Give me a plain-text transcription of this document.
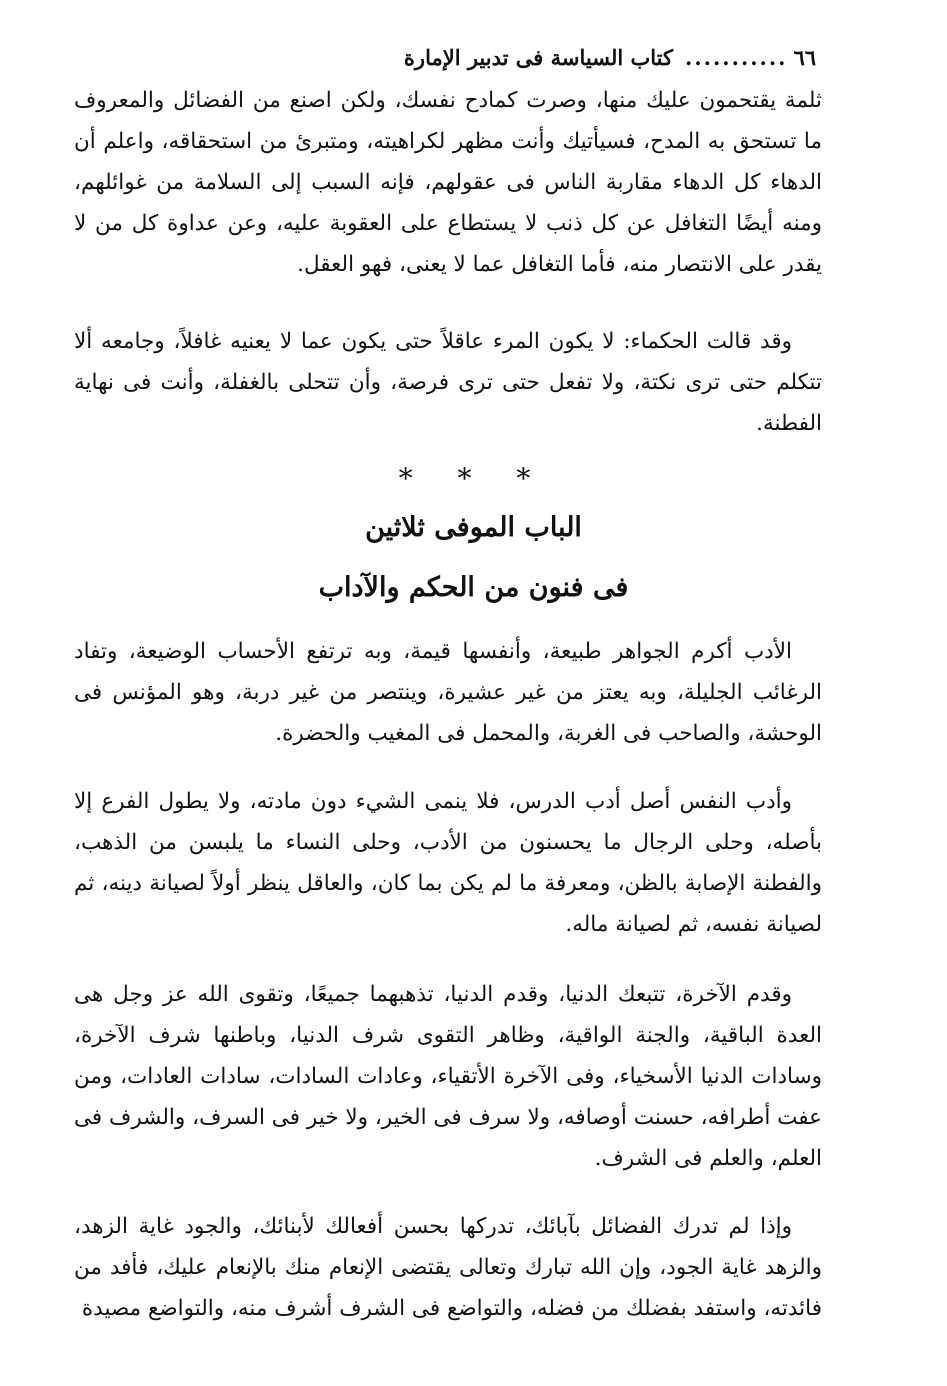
٦٦
...........
كتاب السياسة فى تدبير الإمارة

ثلمة يقتحمون عليك منها، وصرت كمادح نفسك، ولكن اصنع من الفضائل والمعروف ما تستحق به المدح، فسيأتيك وأنت مظهر لكراهيته، ومتبرئ من استحقاقه، واعلم أن الدهاء كل الدهاء مقاربة الناس فى عقولهم، فإنه السبب إلى السلامة من غوائلهم، ومنه أيضًا التغافل عن كل ذنب لا يستطاع على العقوبة عليه، وعن عداوة كل من لا يقدر على الانتصار منه، فأما التغافل عما لا يعنى، فهو العقل.

وقد قالت الحكماء: لا يكون المرء عاقلاً حتى يكون عما لا يعنيه غافلاً، وجامعه ألا تتكلم حتى ترى نكتة، ولا تفعل حتى ترى فرصة، وأن تتحلى بالغفلة، وأنت فى نهاية الفطنة.

* * *
الباب الموفى ثلاثين
فى فنون من الحكم والآداب

الأدب أكرم الجواهر طبيعة، وأنفسها قيمة، وبه ترتفع الأحساب الوضيعة، وتفاد الرغائب الجليلة، وبه يعتز من غير عشيرة، وينتصر من غير دربة، وهو المؤنس فى الوحشة، والصاحب فى الغربة، والمحمل فى المغيب والحضرة.

وأدب النفس أصل أدب الدرس، فلا ينمى الشيء دون مادته، ولا يطول الفرع إلا بأصله، وحلى الرجال ما يحسنون من الأدب، وحلى النساء ما يلبسن من الذهب، والفطنة الإصابة بالظن، ومعرفة ما لم يكن بما كان، والعاقل ينظر أولاً لصيانة دينه، ثم لصيانة نفسه، ثم لصيانة ماله.

وقدم الآخرة، تتبعك الدنيا، وقدم الدنيا، تذهبهما جميعًا، وتقوى الله عز وجل هى العدة الباقية، والجنة الواقية، وظاهر التقوى شرف الدنيا، وباطنها شرف الآخرة، وسادات الدنيا الأسخياء، وفى الآخرة الأتقياء، وعادات السادات، سادات العادات، ومن عفت أطرافه، حسنت أوصافه، ولا سرف فى الخير، ولا خير فى السرف، والشرف فى العلم، والعلم فى الشرف.

وإذا لم تدرك الفضائل بآبائك، تدركها بحسن أفعالك لأبنائك، والجود غاية الزهد، والزهد غاية الجود، وإن الله تبارك وتعالى يقتضى الإنعام منك بالإنعام عليك، فأفد من فائدته، واستفد بفضلك من فضله، والتواضع فى الشرف أشرف منه، والتواضع مصيدة
